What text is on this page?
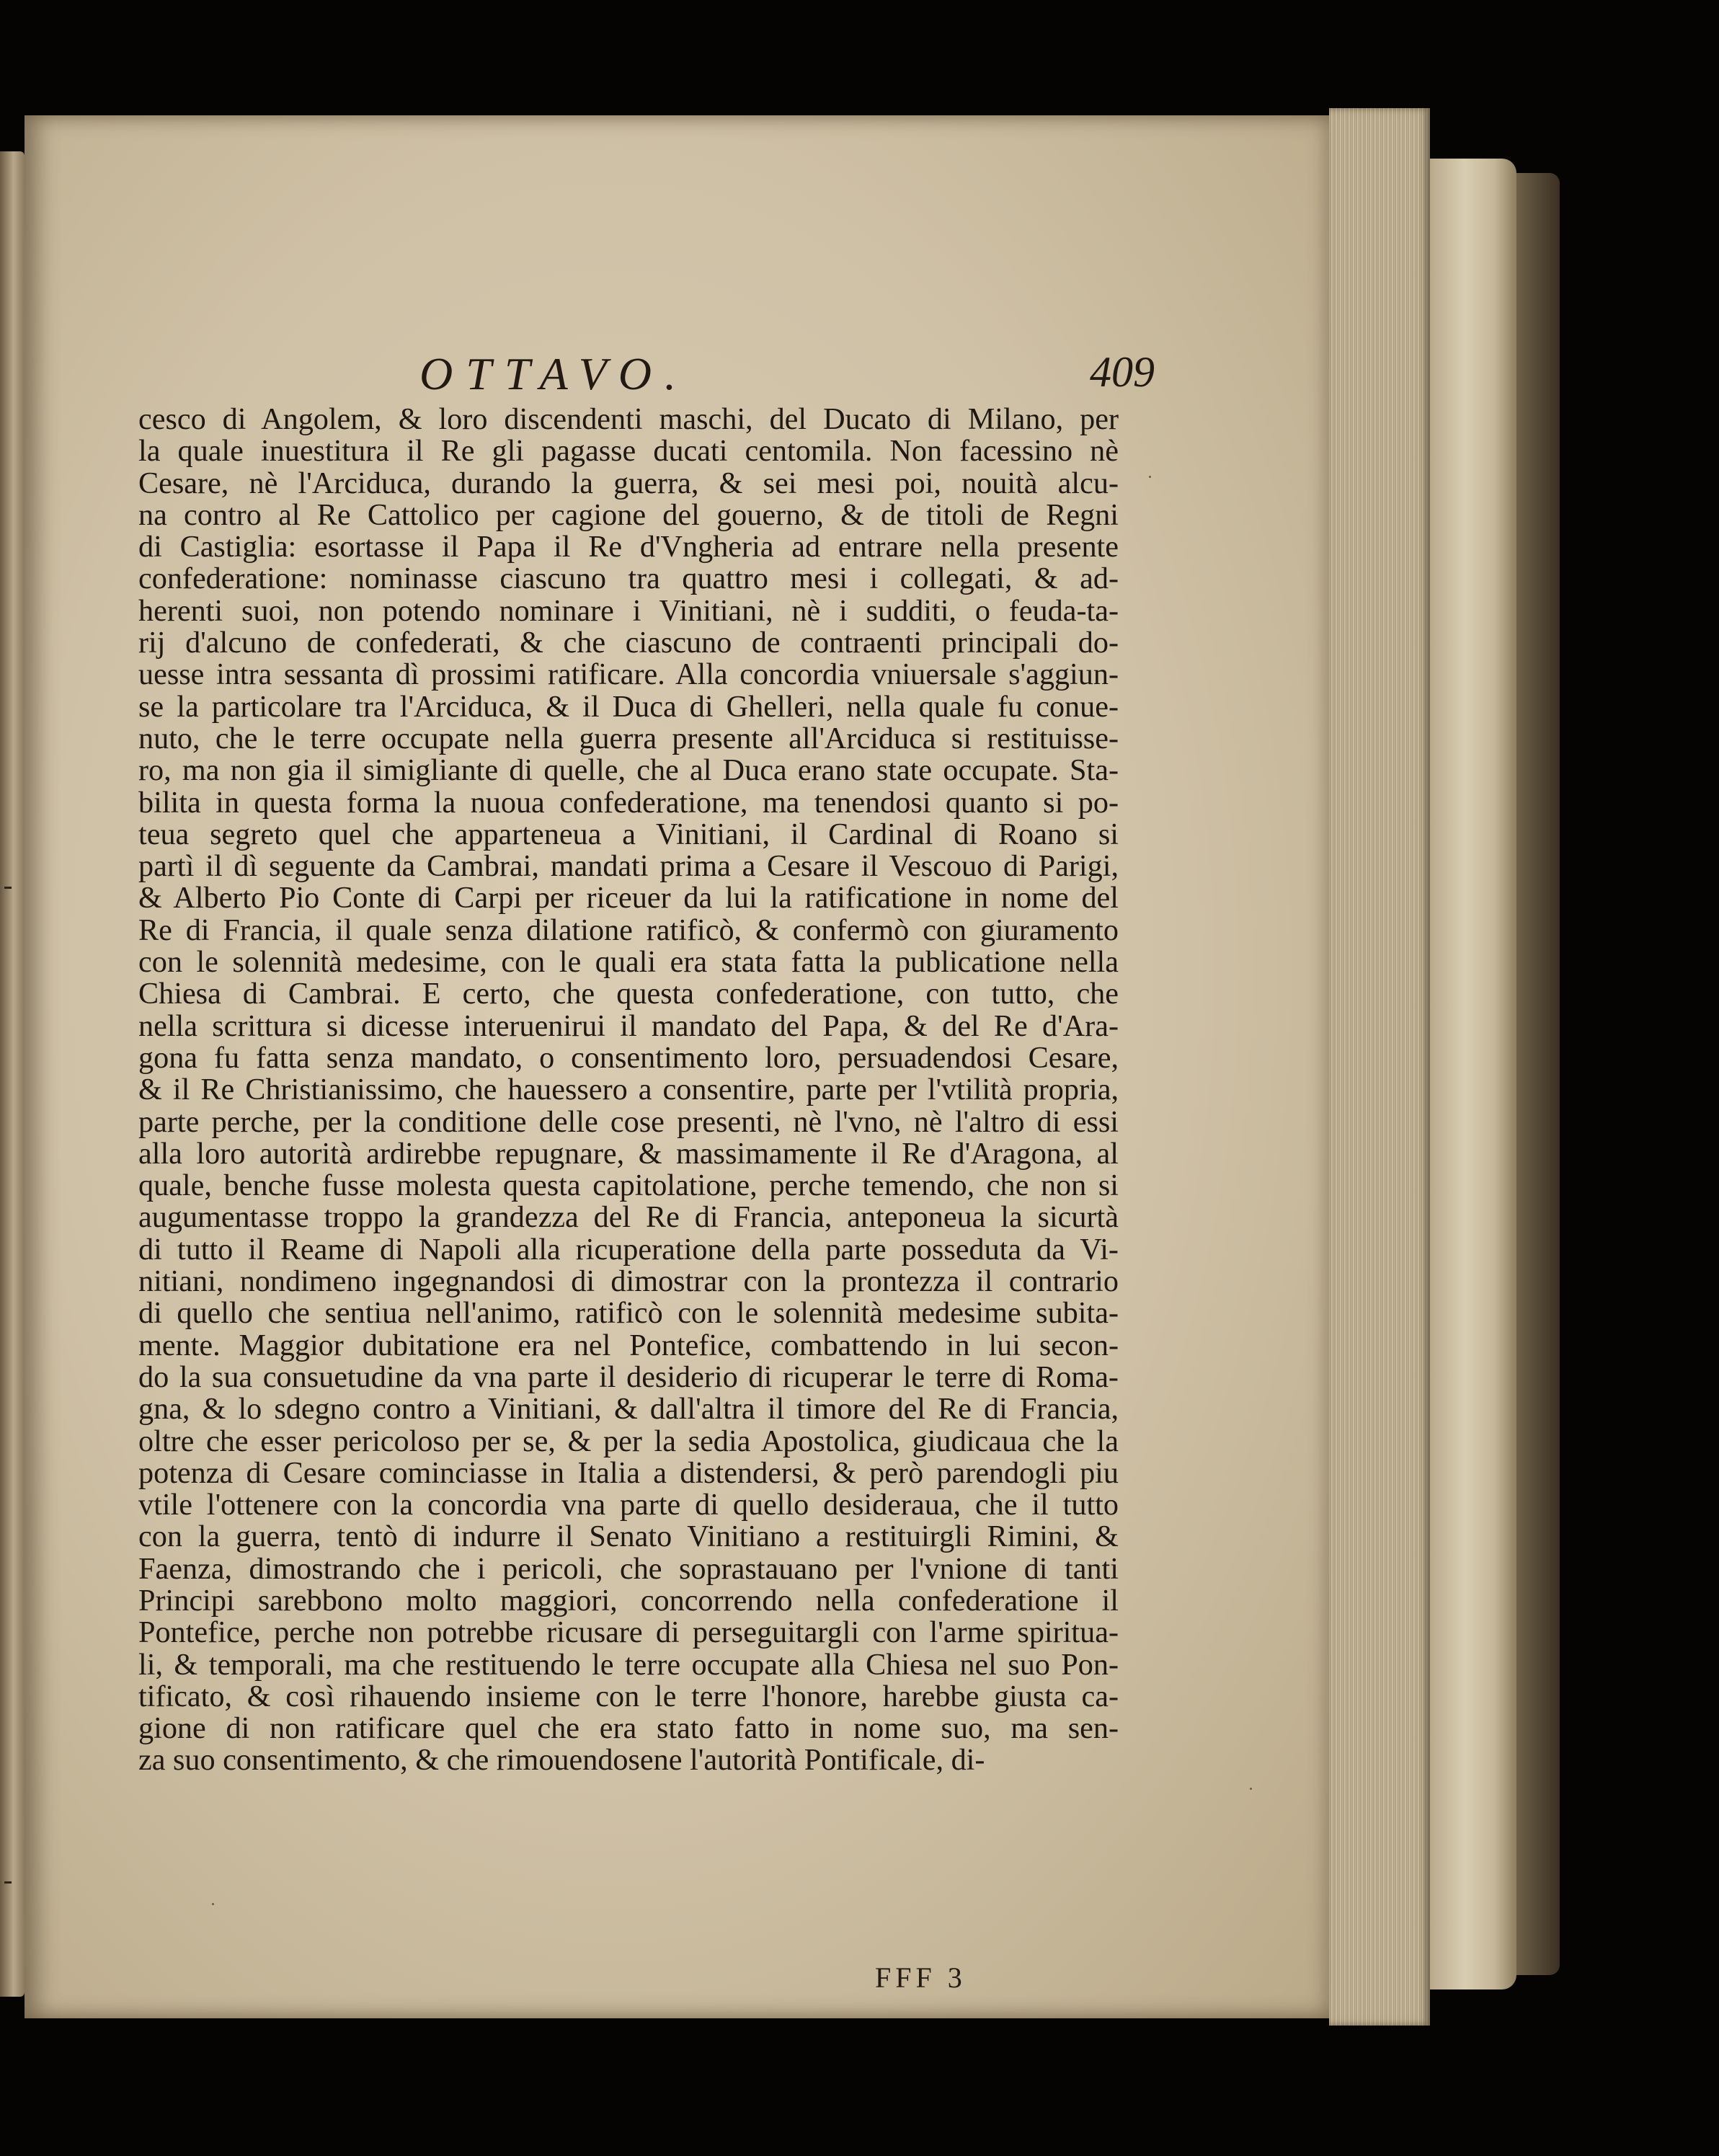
OTTAVO.	409
cesco di Angolem, & loro discendenti maschi, del Ducato di Milano, per
la quale inuestitura il Re gli pagasse ducati centomila. Non facessino nè
Cesare, nè l'Arciduca, durando la guerra, & sei mesi poi, nouità alcu-
na contro al Re Cattolico per cagione del gouerno, & de titoli de Regni
di Castiglia: esortasse il Papa il Re d'Vngheria ad entrare nella presente
confederatione: nominasse ciascuno tra quattro mesi i collegati, & ad-
herenti suoi, non potendo nominare i Vinitiani, nè i sudditi, o feuda-ta-
rij d'alcuno de confederati, & che ciascuno de contraenti principali do-
uesse intra sessanta dì prossimi ratificare. Alla concordia vniuersale s'aggiun-
se la particolare tra l'Arciduca, & il Duca di Ghelleri, nella quale fu conue-
nuto, che le terre occupate nella guerra presente all'Arciduca si restituisse-
ro, ma non gia il simigliante di quelle, che al Duca erano state occupate. Sta-
bilita in questa forma la nuoua confederatione, ma tenendosi quanto si po-
teua segreto quel che apparteneua a Vinitiani, il Cardinal di Roano si
partì il dì seguente da Cambrai, mandati prima a Cesare il Vescouo di Parigi,
& Alberto Pio Conte di Carpi per riceuer da lui la ratificatione in nome del
Re di Francia, il quale senza dilatione ratificò, & confermò con giuramento
con le solennità medesime, con le quali era stata fatta la publicatione nella
Chiesa di Cambrai. E certo, che questa confederatione, con tutto, che
nella scrittura si dicesse interuenirui il mandato del Papa, & del Re d'Ara-
gona fu fatta senza mandato, o consentimento loro, persuadendosi Cesare,
& il Re Christianissimo, che hauessero a consentire, parte per l'vtilità propria,
parte perche, per la conditione delle cose presenti, nè l'vno, nè l'altro di essi
alla loro autorità ardirebbe repugnare, & massimamente il Re d'Aragona, al
quale, benche fusse molesta questa capitolatione, perche temendo, che non si
augumentasse troppo la grandezza del Re di Francia, anteponeua la sicurtà
di tutto il Reame di Napoli alla ricuperatione della parte posseduta da Vi-
nitiani, nondimeno ingegnandosi di dimostrar con la prontezza il contrario
di quello che sentiua nell'animo, ratificò con le solennità medesime subita-
mente. Maggior dubitatione era nel Pontefice, combattendo in lui secon-
do la sua consuetudine da vna parte il desiderio di ricuperar le terre di Roma-
gna, & lo sdegno contro a Vinitiani, & dall'altra il timore del Re di Francia,
oltre che esser pericoloso per se, & per la sedia Apostolica, giudicaua che la
potenza di Cesare cominciasse in Italia a distendersi, & però parendogli piu
vtile l'ottenere con la concordia vna parte di quello desideraua, che il tutto
con la guerra, tentò di indurre il Senato Vinitiano a restituirgli Rimini, &
Faenza, dimostrando che i pericoli, che soprastauano per l'vnione di tanti
Principi sarebbono molto maggiori, concorrendo nella confederatione il
Pontefice, perche non potrebbe ricusare di perseguitargli con l'arme spiritua-
li, & temporali, ma che restituendo le terre occupate alla Chiesa nel suo Pon-
tificato, & così rihauendo insieme con le terre l'honore, harebbe giusta ca-
gione di non ratificare quel che era stato fatto in nome suo, ma sen-
za suo consentimento, & che rimouendosene l'autorità Pontificale, di-
FFF 3
